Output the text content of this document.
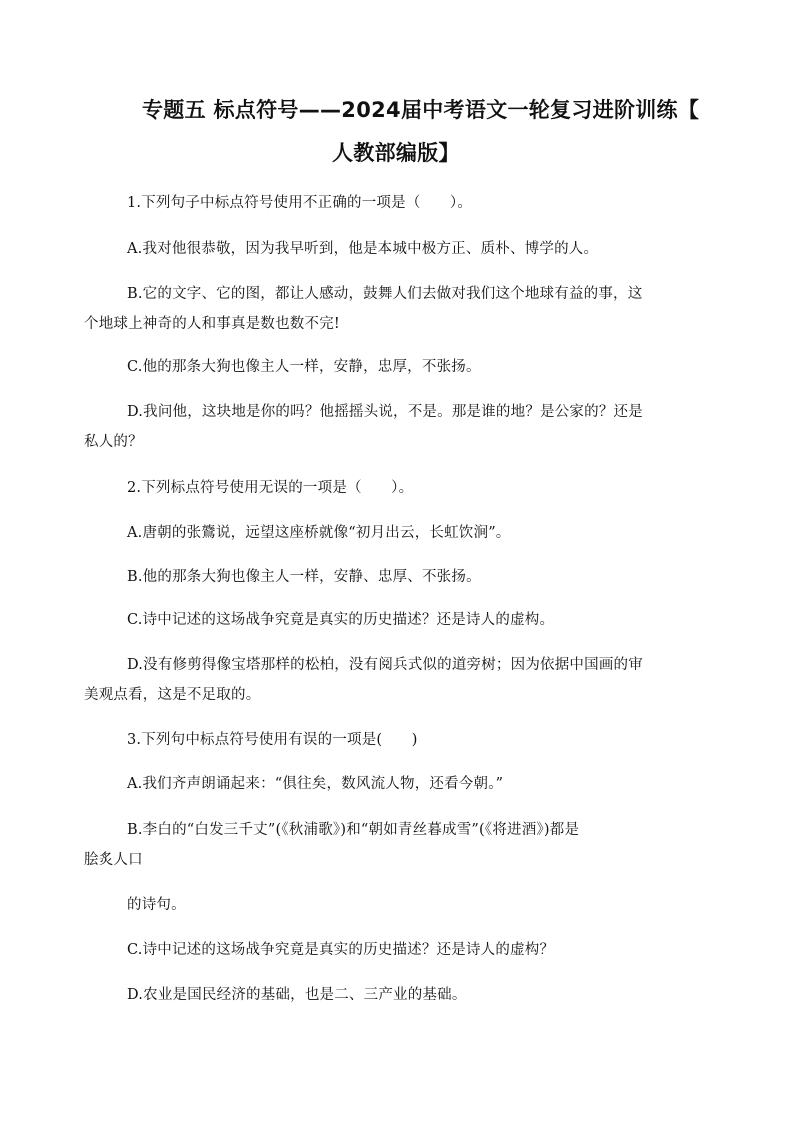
专题五 标点符号——2024届中考语文一轮复习进阶训练【
人教部编版】
1.下列句子中标点符号使用不正确的一项是（　　）。
A.我对他很恭敬，因为我早听到，他是本城中极方正、质朴、博学的人。
B.它的文字、它的图，都让人感动，鼓舞人们去做对我们这个地球有益的事，这
个地球上神奇的人和事真是数也数不完!
C.他的那条大狗也像主人一样，安静，忠厚，不张扬。
D.我问他，这块地是你的吗？他摇摇头说，不是。那是谁的地？是公家的？还是
私人的？
2.下列标点符号使用无误的一项是（　　）。
A.唐朝的张鷟说，远望这座桥就像“初月出云，长虹饮涧”。
B.他的那条大狗也像主人一样，安静、忠厚、不张扬。
C.诗中记述的这场战争究竟是真实的历史描述？还是诗人的虚构。
D.没有修剪得像宝塔那样的松柏，没有阅兵式似的道旁树；因为依据中国画的审
美观点看，这是不足取的。
3.下列句中标点符号使用有误的一项是(　　)
A.我们齐声朗诵起来：“俱往矣，数风流人物，还看今朝。”
B.李白的“白发三千丈”(《秋浦歌》)和“朝如青丝暮成雪”(《将进酒》)都是
脍炙人口
的诗句。
C.诗中记述的这场战争究竟是真实的历史描述？还是诗人的虚构？
D.农业是国民经济的基础，也是二、三产业的基础。
